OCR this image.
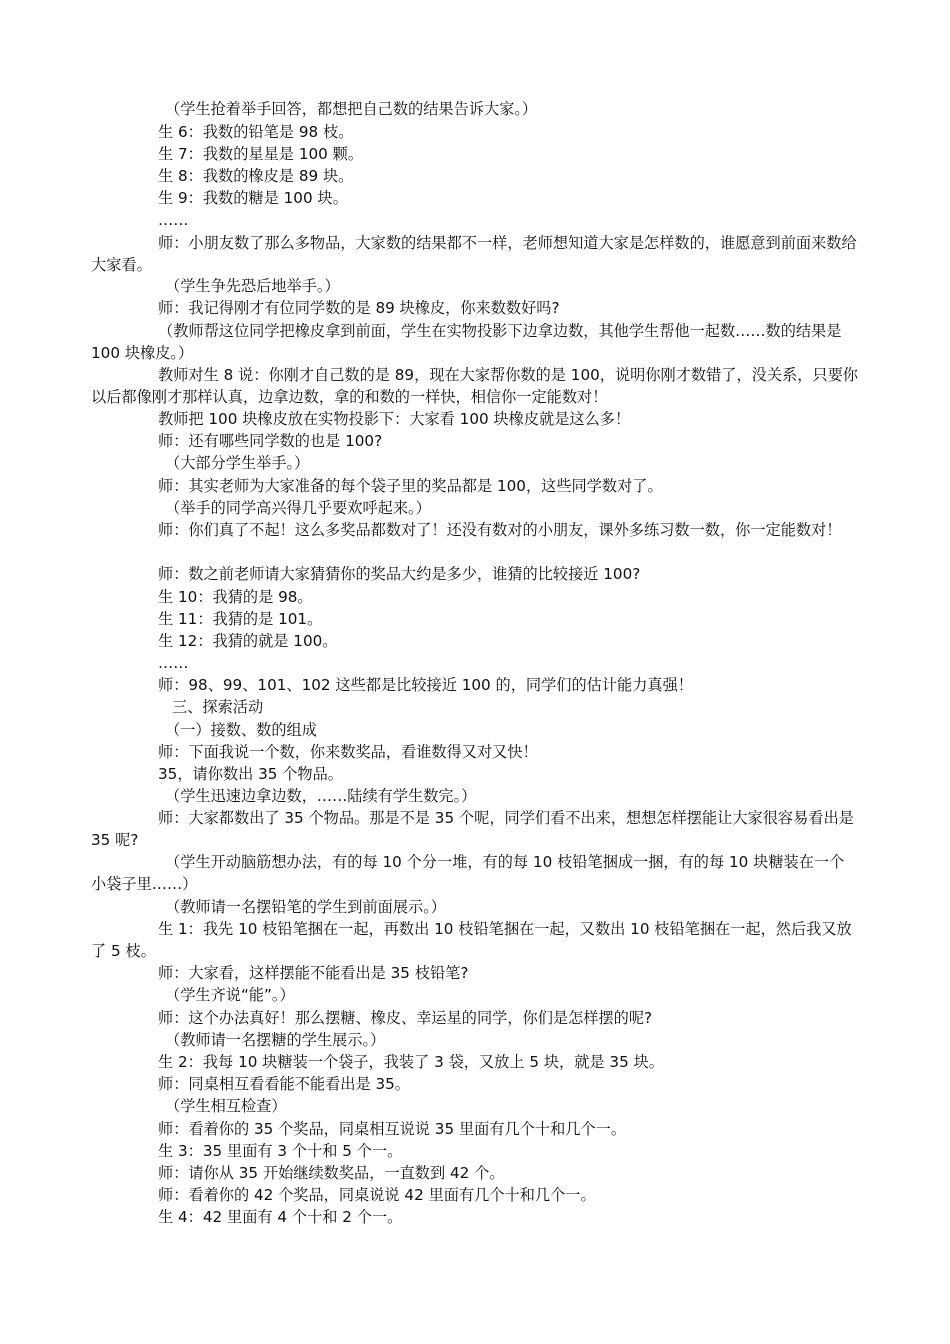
（学生抢着举手回答，都想把自己数的结果告诉大家。）
生 6：我数的铅笔是 98 枝。
生 7：我数的星星是 100 颗。
生 8：我数的橡皮是 89 块。
生 9：我数的糖是 100 块。
……
师：小朋友数了那么多物品，大家数的结果都不一样，老师想知道大家是怎样数的，谁愿意到前面来数给大家看。
（学生争先恐后地举手。）
师：我记得刚才有位同学数的是 89 块橡皮，你来数数好吗?
（教师帮这位同学把橡皮拿到前面，学生在实物投影下边拿边数，其他学生帮他一起数……数的结果是 100 块橡皮。）
教师对生 8 说：你刚才自己数的是 89，现在大家帮你数的是 100，说明你刚才数错了，没关系，只要你以后都像刚才那样认真，边拿边数，拿的和数的一样快，相信你一定能数对！
教师把 100 块橡皮放在实物投影下：大家看 100 块橡皮就是这么多！
师：还有哪些同学数的也是 100?
（大部分学生举手。）
师：其实老师为大家准备的每个袋子里的奖品都是 100，这些同学数对了。
（举手的同学高兴得几乎要欢呼起来。）
师：你们真了不起！这么多奖品都数对了！还没有数对的小朋友，课外多练习数一数，你一定能数对！
师：数之前老师请大家猜猜你的奖品大约是多少，谁猜的比较接近 100?
生 10：我猜的是 98。
生 11：我猜的是 101。
生 12：我猜的就是 100。
……
师：98、99、101、102 这些都是比较接近 100 的，同学们的估计能力真强！
三、探索活动
（一）接数、数的组成
师：下面我说一个数，你来数奖品，看谁数得又对又快！
35，请你数出 35 个物品。
（学生迅速边拿边数，……陆续有学生数完。）
师：大家都数出了 35 个物品。那是不是 35 个呢，同学们看不出来，想想怎样摆能让大家很容易看出是 35 呢?
（学生开动脑筋想办法，有的每 10 个分一堆，有的每 10 枝铅笔捆成一捆，有的每 10 块糖装在一个小袋子里……）
（教师请一名摆铅笔的学生到前面展示。）
生 1：我先 10 枝铅笔捆在一起，再数出 10 枝铅笔捆在一起，又数出 10 枝铅笔捆在一起，然后我又放了 5 枝。
师：大家看，这样摆能不能看出是 35 枝铅笔?
（学生齐说“能”。）
师：这个办法真好！那么摆糖、橡皮、幸运星的同学，你们是怎样摆的呢?
（教师请一名摆糖的学生展示。）
生 2：我每 10 块糖装一个袋子，我装了 3 袋，又放上 5 块，就是 35 块。
师：同桌相互看看能不能看出是 35。
（学生相互检查）
师：看着你的 35 个奖品，同桌相互说说 35 里面有几个十和几个一。
生 3：35 里面有 3 个十和 5 个一。
师：请你从 35 开始继续数奖品，一直数到 42 个。
师：看着你的 42 个奖品，同桌说说 42 里面有几个十和几个一。
生 4：42 里面有 4 个十和 2 个一。
